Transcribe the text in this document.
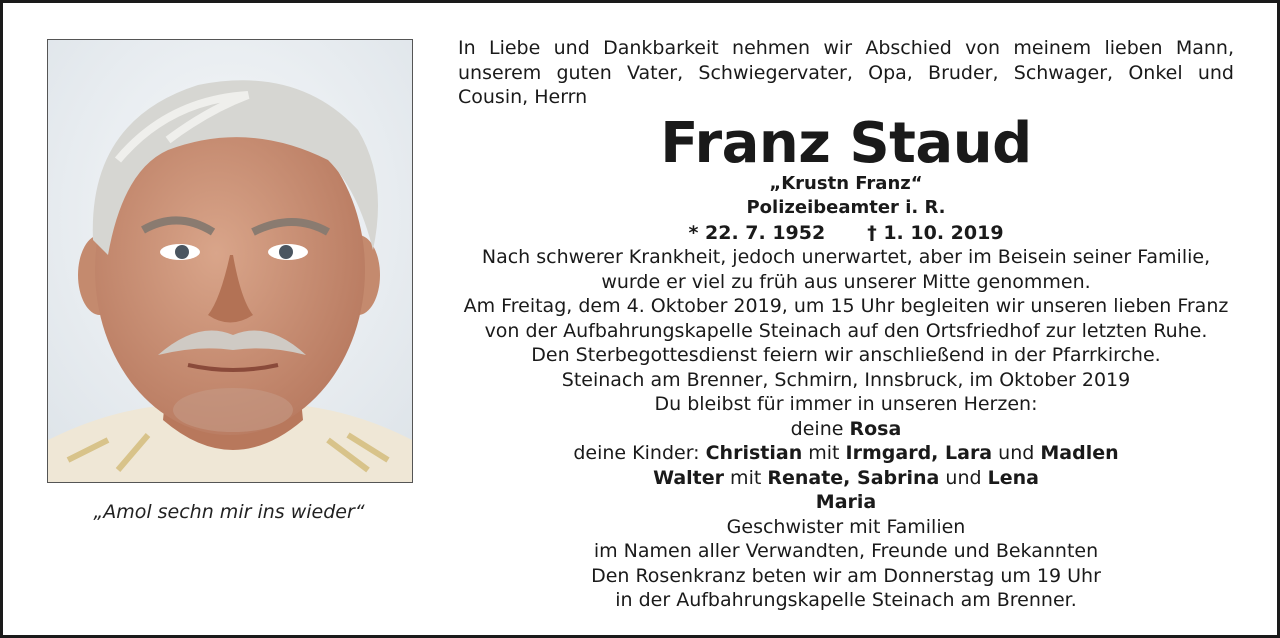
„Amol sechn mir ins wieder“
In Liebe und Dankbarkeit nehmen wir Abschied von meinem lieben Mann, unserem guten Vater, Schwiegervater, Opa, Bruder, Schwager, Onkel und Cousin, Herrn
Franz Staud
„Krustn Franz“
Polizeibeamter i. R.
* 22. 7. 1952 † 1. 10. 2019
Nach schwerer Krankheit, jedoch unerwartet, aber im Beisein seiner Familie,
wurde er viel zu früh aus unserer Mitte genommen.
Am Freitag, dem 4. Oktober 2019, um 15 Uhr begleiten wir unseren lieben Franz
von der Aufbahrungskapelle Steinach auf den Ortsfriedhof zur letzten Ruhe.
Den Sterbegottesdienst feiern wir anschließend in der Pfarrkirche.
Steinach am Brenner, Schmirn, Innsbruck, im Oktober 2019
Du bleibst für immer in unseren Herzen:
deine Rosa
deine Kinder: Christian mit Irmgard, Lara und Madlen
Walter mit Renate, Sabrina und Lena
Maria
Geschwister mit Familien
im Namen aller Verwandten, Freunde und Bekannten
Den Rosenkranz beten wir am Donnerstag um 19 Uhr
in der Aufbahrungskapelle Steinach am Brenner.
